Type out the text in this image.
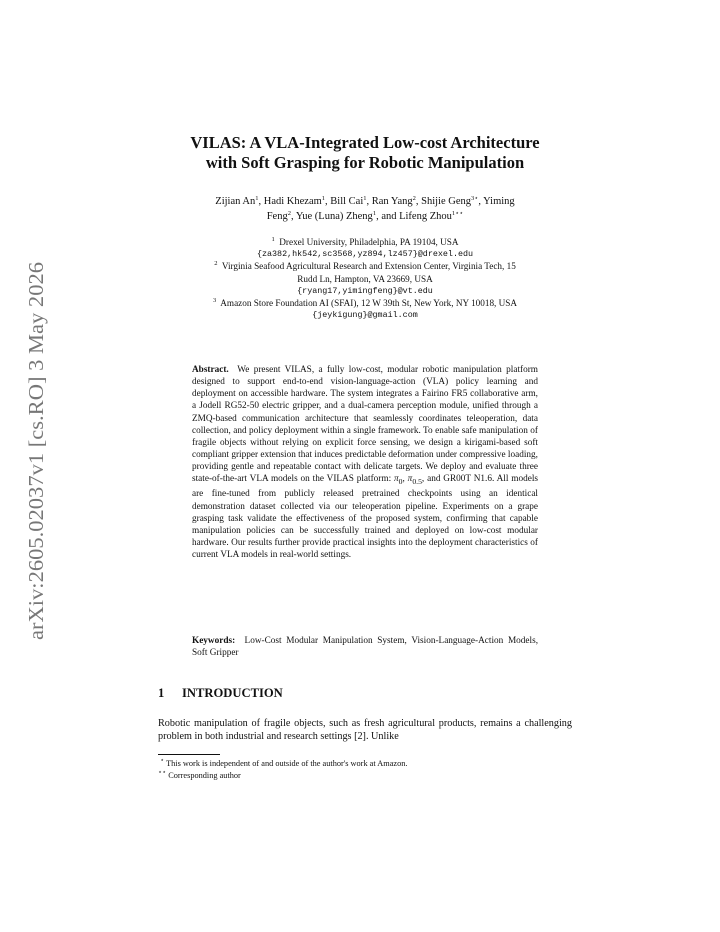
arXiv:2605.02037v1 [cs.RO] 3 May 2026
VILAS: A VLA-Integrated Low-cost Architecture
with Soft Grasping for Robotic Manipulation
Zijian An$^1$, Hadi Khezam$^1$, Bill Cai$^1$, Ran Yang$^2$, Shijie Geng$^{3⋆}$, Yiming
Feng$^2$, Yue (Luna) Zheng$^1$, and Lifeng Zhou$^{1⋆⋆}$
$^1$ Drexel University, Philadelphia, PA 19104, USA
{za382,hk542,sc3568,yz894,lz457}@drexel.edu
$^2$ Virginia Seafood Agricultural Research and Extension Center, Virginia Tech, 15
Rudd Ln, Hampton, VA 23669, USA
{ryang17,yimingfeng}@vt.edu
$^3$ Amazon Store Foundation AI (SFAI), 12 W 39th St, New York, NY 10018, USA
{jeykigung}@gmail.com
Abstract. We present VILAS, a fully low-cost, modular robotic manipulation platform designed to support end-to-end vision-language-action (VLA) policy learning and deployment on accessible hardware. The system integrates a Fairino FR5 collaborative arm, a Jodell RG52-50 electric gripper, and a dual-camera perception module, unified through a ZMQ-based communication architecture that seamlessly coordinates teleoperation, data collection, and policy deployment within a single framework. To enable safe manipulation of fragile objects without relying on explicit force sensing, we design a kirigami-based soft compliant gripper extension that induces predictable deformation under compressive loading, providing gentle and repeatable contact with delicate targets. We deploy and evaluate three state-of-the-art VLA models on the VILAS platform: $\pi_0$, $\pi_{0.5}$, and GR00T N1.6. All models are fine-tuned from publicly released pretrained checkpoints using an identical demonstration dataset collected via our teleoperation pipeline. Experiments on a grape grasping task validate the effectiveness of the proposed system, confirming that capable manipulation policies can be successfully trained and deployed on low-cost modular hardware. Our results further provide practical insights into the deployment characteristics of current VLA models in real-world settings.
Keywords: Low-Cost Modular Manipulation System, Vision-Language-Action Models, Soft Gripper
1 INTRODUCTION
Robotic manipulation of fragile objects, such as fresh agricultural products, remains a challenging problem in both industrial and research settings [2]. Unlike
⋆ This work is independent of and outside of the author's work at Amazon.
⋆⋆ Corresponding author
